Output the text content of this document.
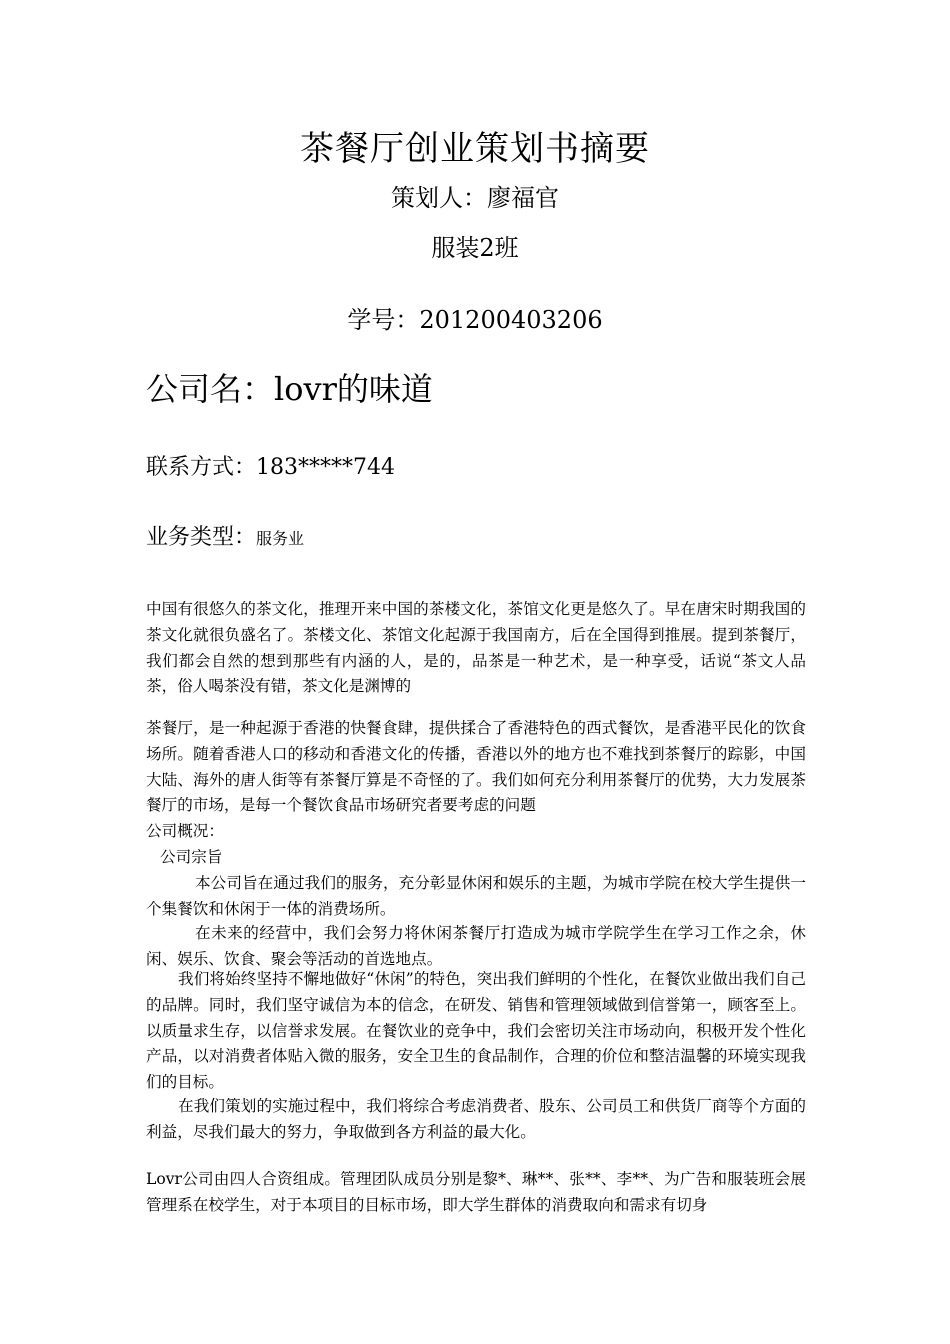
茶餐厅创业策划书摘要
策划人：廖福官
服装2班
学号：201200403206
公司名：lovr的味道
联系方式：183*****744
业务类型：服务业
中国有很悠久的茶文化，推理开来中国的茶楼文化，茶馆文化更是悠久了。早在唐宋时期我国的茶文化就很负盛名了。茶楼文化、茶馆文化起源于我国南方，后在全国得到推展。提到茶餐厅，我们都会自然的想到那些有内涵的人，是的，品茶是一种艺术，是一种享受，话说“茶文人品茶，俗人喝茶没有错，茶文化是渊博的
茶餐厅，是一种起源于香港的快餐食肆，提供揉合了香港特色的西式餐饮，是香港平民化的饮食场所。随着香港人口的移动和香港文化的传播，香港以外的地方也不难找到茶餐厅的踪影，中国大陆、海外的唐人街等有茶餐厅算是不奇怪的了。我们如何充分利用茶餐厅的优势，大力发展茶餐厅的市场，是每一个餐饮食品市场研究者要考虑的问题
公司概况：
公司宗旨
本公司旨在通过我们的服务，充分彰显休闲和娱乐的主题，为城市学院在校大学生提供一个集餐饮和休闲于一体的消费场所。
在未来的经营中，我们会努力将休闲茶餐厅打造成为城市学院学生在学习工作之余，休闲、娱乐、饮食、聚会等活动的首选地点。
我们将始终坚持不懈地做好“休闲”的特色，突出我们鲜明的个性化，在餐饮业做出我们自己的品牌。同时，我们坚守诚信为本的信念，在研发、销售和管理领域做到信誉第一，顾客至上。以质量求生存，以信誉求发展。在餐饮业的竞争中，我们会密切关注市场动向，积极开发个性化产品，以对消费者体贴入微的服务，安全卫生的食品制作，合理的价位和整洁温馨的环境实现我们的目标。
在我们策划的实施过程中，我们将综合考虑消费者、股东、公司员工和供货厂商等个方面的利益，尽我们最大的努力，争取做到各方利益的最大化。
Lovr公司由四人合资组成。管理团队成员分别是黎*、琳**、张**、李**、为广告和服装班会展管理系在校学生，对于本项目的目标市场，即大学生群体的消费取向和需求有切身
